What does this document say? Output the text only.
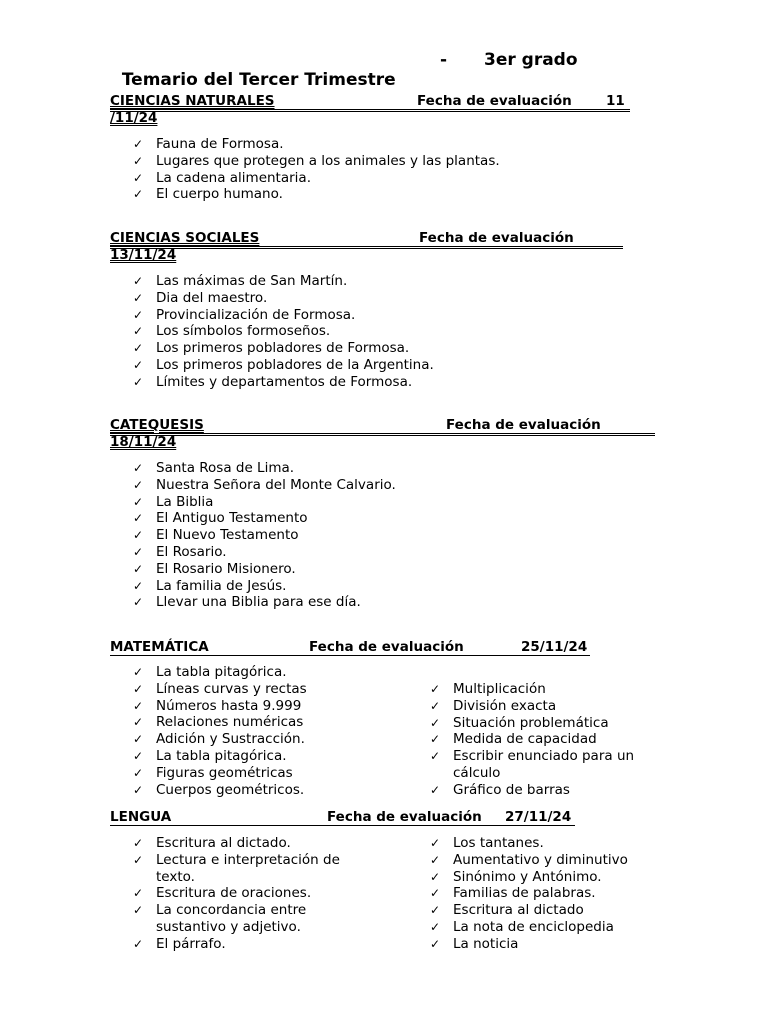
Temario del Tercer Trimestre
- 3er grado

CIENCIAS NATURALES	Fecha de evaluación	11
/11/24
✓ Fauna de Formosa.
✓ Lugares que protegen a los animales y las plantas.
✓ La cadena alimentaria.
✓ El cuerpo humano.
CIENCIAS SOCIALES	Fecha de evaluación
13/11/24
✓ Las máximas de San Martín.
✓ Dia del maestro.
✓ Provincialización de Formosa.
✓ Los símbolos formoseños.
✓ Los primeros pobladores de Formosa.
✓ Los primeros pobladores de la Argentina.
✓ Límites y departamentos de Formosa.
CATEQUESIS	Fecha de evaluación
18/11/24
✓ Santa Rosa de Lima.
✓ Nuestra Señora del Monte Calvario.
✓ La Biblia
✓ El Antiguo Testamento
✓ El Nuevo Testamento
✓ El Rosario.
✓ El Rosario Misionero.
✓ La familia de Jesús.
✓ Llevar una Biblia para ese día.
MATEMÁTICA	Fecha de evaluación	25/11/24
✓ La tabla pitagórica.
✓ Líneas curvas y rectas
✓ Números hasta 9.999
✓ Relaciones numéricas
✓ Adición y Sustracción.
✓ La tabla pitagórica.
✓ Figuras geométricas
✓ Cuerpos geométricos.
✓ Multiplicación
✓ División exacta
✓ Situación problemática
✓ Medida de capacidad
✓ Escribir enunciado para un cálculo
✓ Gráfico de barras
LENGUA	Fecha de evaluación 27/11/24
✓ Escritura al dictado.
✓ Lectura e interpretación de texto.
✓ Escritura de oraciones.
✓ La concordancia entre sustantivo y adjetivo.
✓ El párrafo.
✓ Los tantanes.
✓ Aumentativo y diminutivo
✓ Sinónimo y Antónimo.
✓ Familias de palabras.
✓ Escritura al dictado
✓ La nota de enciclopedia
✓ La noticia
